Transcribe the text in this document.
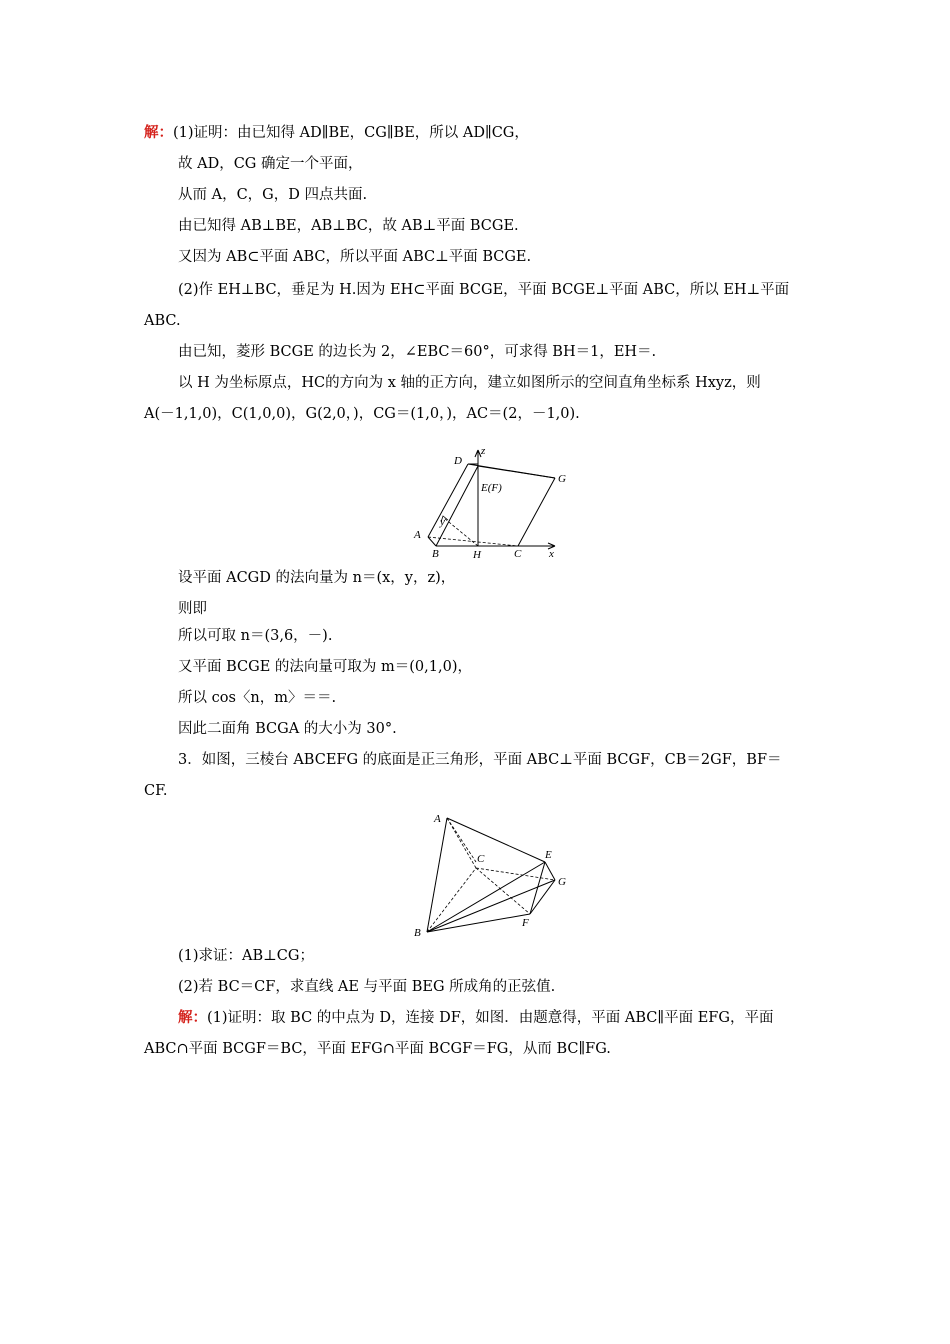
解：(1)证明：由已知得 AD∥BE，CG∥BE，所以 AD∥CG，
故 AD，CG 确定一个平面，
从而 A，C，G，D 四点共面.
由已知得 AB⊥BE，AB⊥BC，故 AB⊥平面 BCGE.
又因为 AB⊂平面 ABC，所以平面 ABC⊥平面 BCGE.
(2)作 EH⊥BC，垂足为 H.因为 EH⊂平面 BCGE，平面 BCGE⊥平面 ABC，所以 EH⊥平面
ABC.
由已知，菱形 BCGE 的边长为 2，∠EBC＝60°，可求得 BH＝1，EH＝.
以 H 为坐标原点，HC的方向为 x 轴的正方向，建立如图所示的空间直角坐标系 Hxyz，则
A(－1,1,0)，C(1,0,0)，G(2,0，)，CG＝(1,0，)，AC＝(2，－1,0).
D
z
G
E(F)
y
A
B	H	C	x
设平面 ACGD 的法向量为 n＝(x，y，z)，
则即
所以可取 n＝(3,6，－).
又平面 BCGE 的法向量可取为 m＝(0,1,0)，
所以 cos〈n，m〉＝＝.
因此二面角 BCGA 的大小为 30°.
3．如图，三棱台 ABCEFG 的底面是正三角形，平面 ABC⊥平面 BCGF，CB＝2GF，BF＝
CF.
A
C	E
G
F
B
(1)求证：AB⊥CG；
(2)若 BC＝CF，求直线 AE 与平面 BEG 所成角的正弦值.
解：(1)证明：取 BC 的中点为 D，连接 DF，如图．由题意得，平面 ABC∥平面 EFG，平面
ABC∩平面 BCGF＝BC，平面 EFG∩平面 BCGF＝FG，从而 BC∥FG.
